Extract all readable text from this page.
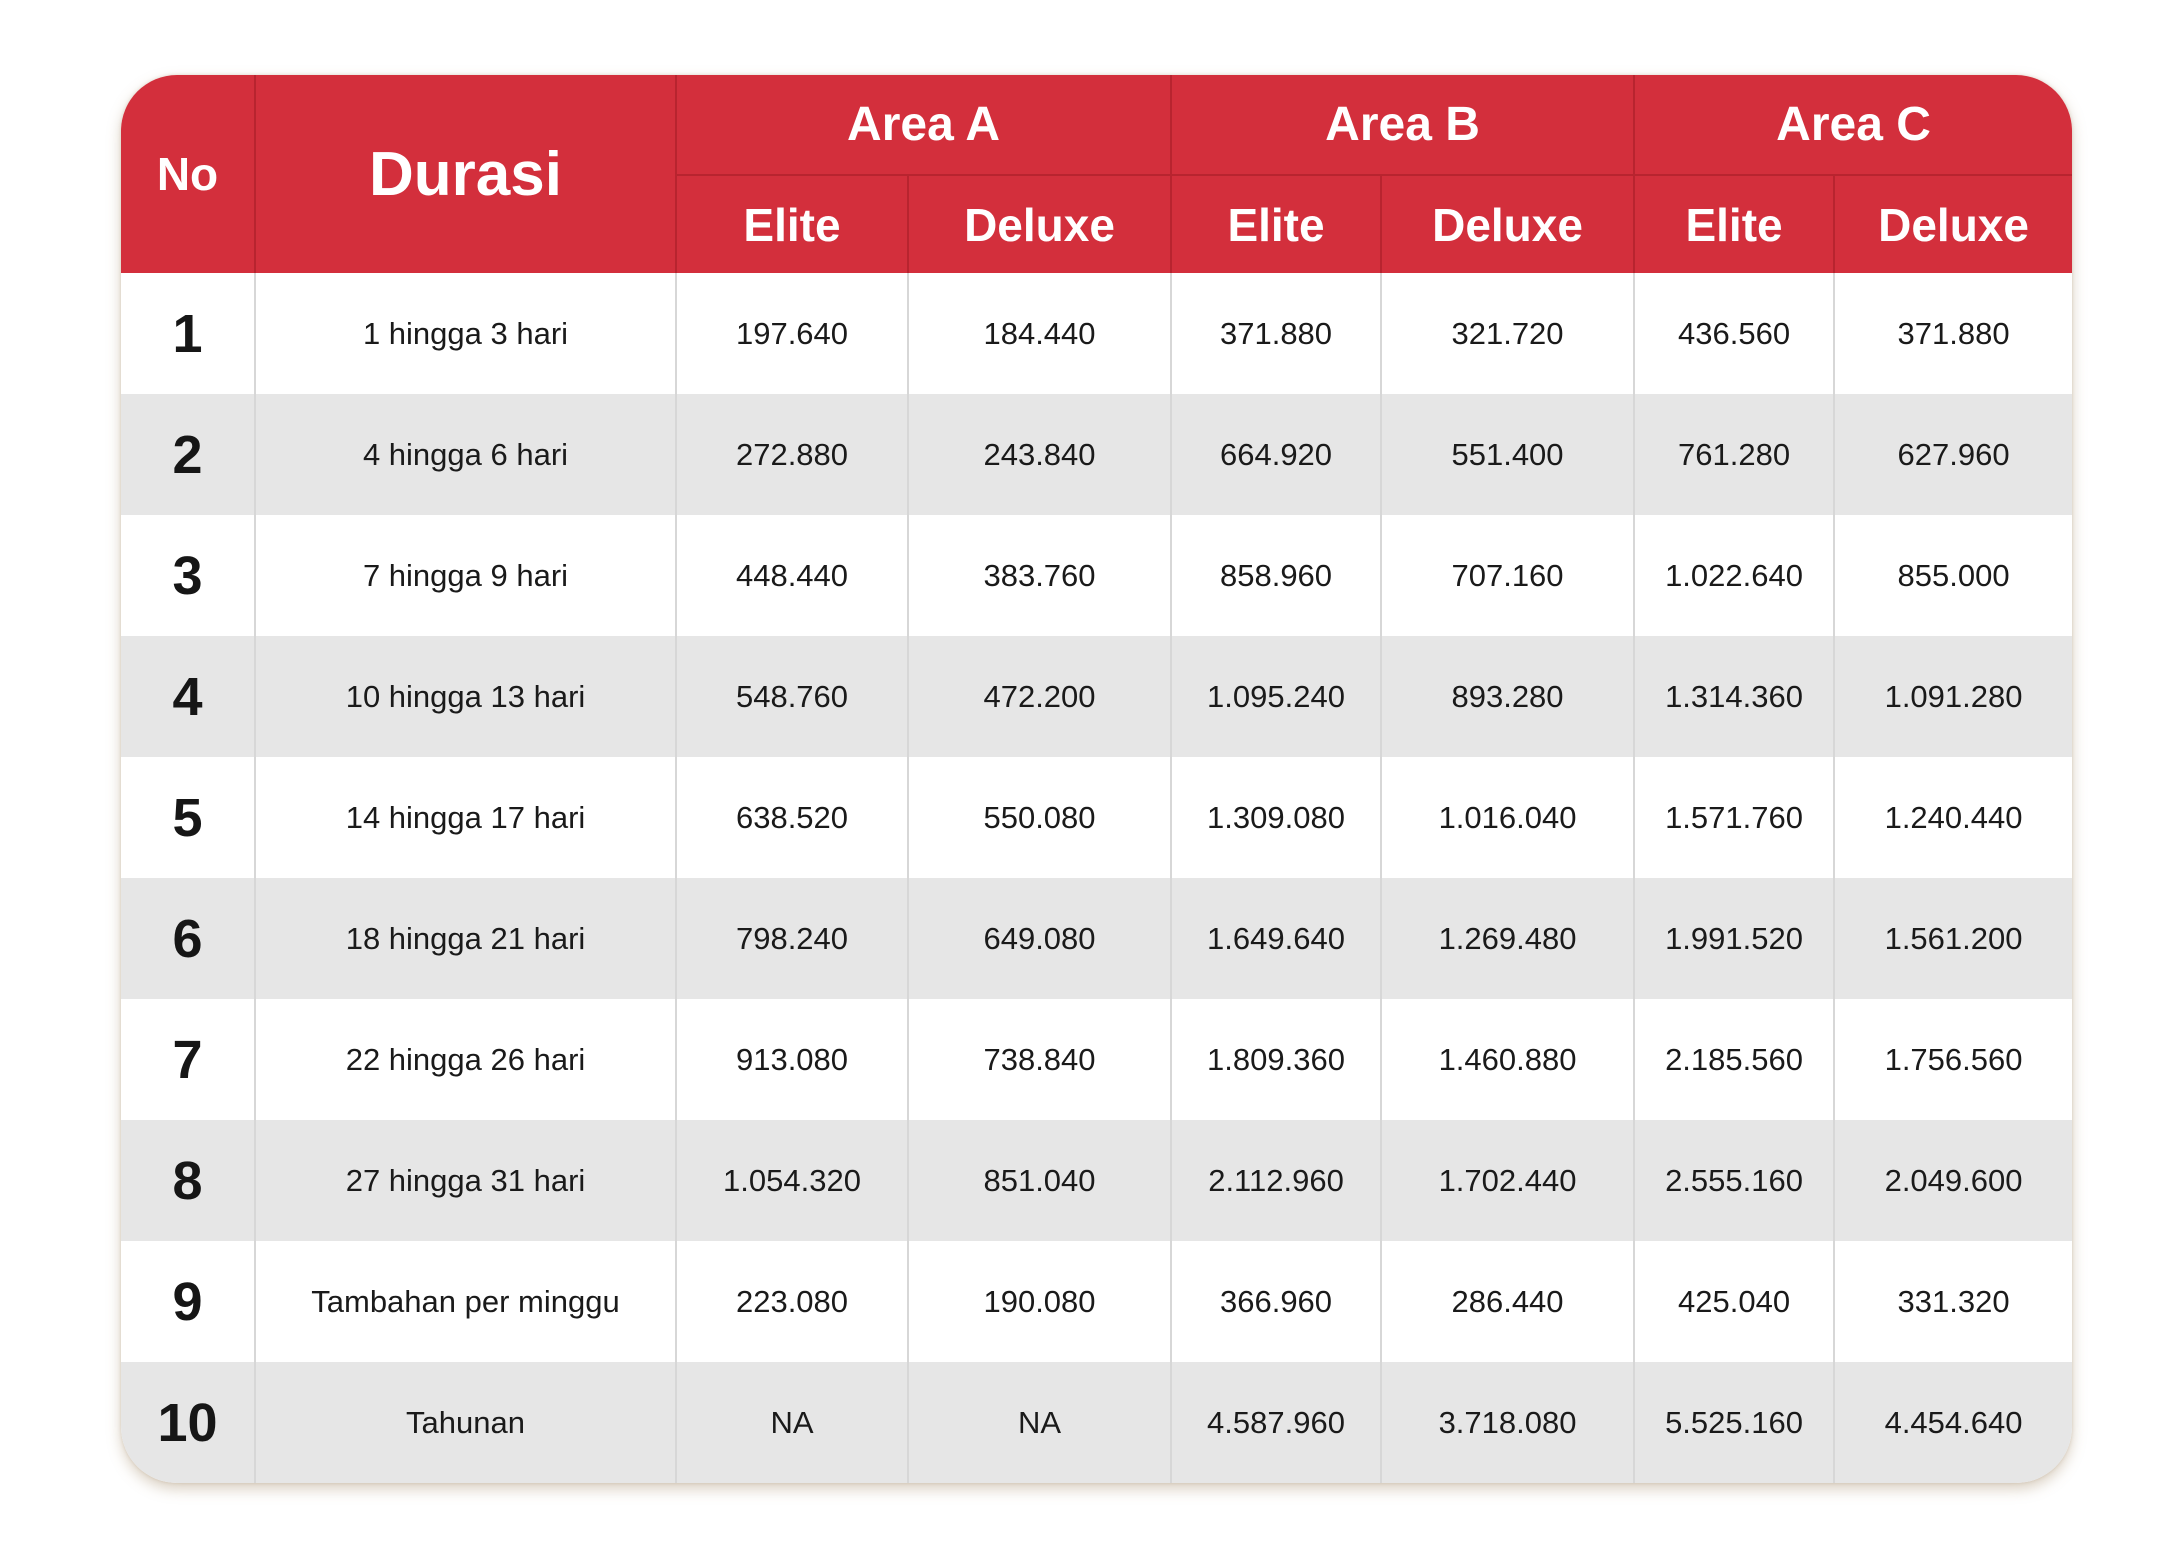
No	Durasi	Area A		Area B		Area C	
		Elite	Deluxe	Elite	Deluxe	Elite	Deluxe
1	1 hingga 3 hari	197.640	184.440	371.880	321.720	436.560	371.880
2	4 hingga 6 hari	272.880	243.840	664.920	551.400	761.280	627.960
3	7 hingga 9 hari	448.440	383.760	858.960	707.160	1.022.640	855.000
4	10 hingga 13 hari	548.760	472.200	1.095.240	893.280	1.314.360	1.091.280
5	14 hingga 17 hari	638.520	550.080	1.309.080	1.016.040	1.571.760	1.240.440
6	18 hingga 21 hari	798.240	649.080	1.649.640	1.269.480	1.991.520	1.561.200
7	22 hingga 26 hari	913.080	738.840	1.809.360	1.460.880	2.185.560	1.756.560
8	27 hingga 31 hari	1.054.320	851.040	2.112.960	1.702.440	2.555.160	2.049.600
9	Tambahan per minggu	223.080	190.080	366.960	286.440	425.040	331.320
10	Tahunan	NA	NA	4.587.960	3.718.080	5.525.160	4.454.640
